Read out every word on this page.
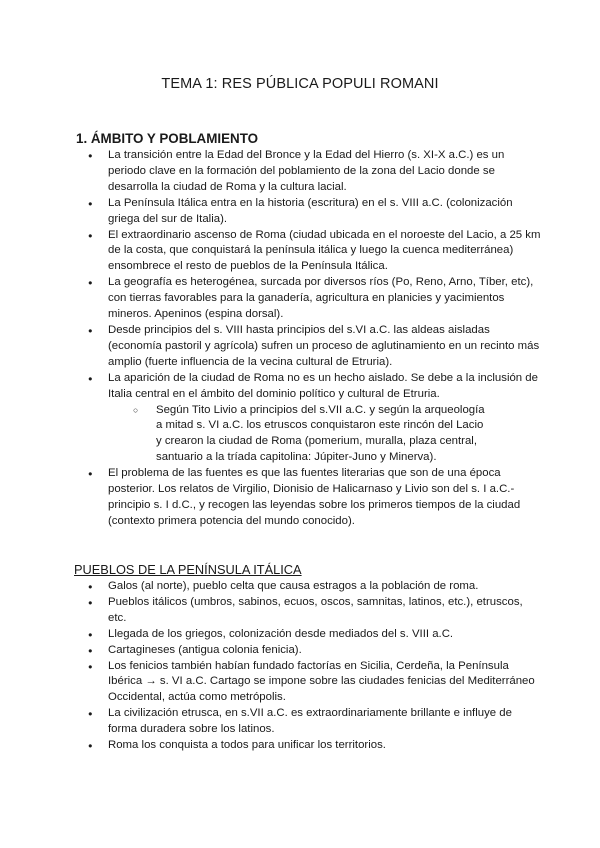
TEMA 1: RES PÚBLICA POPULI ROMANI
1. ÁMBITO Y POBLAMIENTO
● La transición entre la Edad del Bronce y la Edad del Hierro (s. XI-X a.C.) es un periodo clave en la formación del poblamiento de la zona del Lacio donde se desarrolla la ciudad de Roma y la cultura lacial.
● La Península Itálica entra en la historia (escritura) en el s. VIII a.C. (colonización griega del sur de Italia).
● El extraordinario ascenso de Roma (ciudad ubicada en el noroeste del Lacio, a 25 km de la costa, que conquistará la península itálica y luego la cuenca mediterránea) ensombrece el resto de pueblos de la Península Itálica.
● La geografía es heterogénea, surcada por diversos ríos (Po, Reno, Arno, Tíber, etc), con tierras favorables para la ganadería, agricultura en planicies y yacimientos mineros. Apeninos (espina dorsal).
● Desde principios del s. VIII hasta principios del s.VI a.C. las aldeas aisladas (economía pastoril y agrícola) sufren un proceso de aglutinamiento en un recinto más amplio (fuerte influencia de la vecina cultural de Etruria).
● La aparición de la ciudad de Roma no es un hecho aislado. Se debe a la inclusión de Italia central en el ámbito del dominio político y cultural de Etruria.
○ Según Tito Livio a principios del s.VII a.C. y según la arqueología a mitad s. VI a.C. los etruscos conquistaron este rincón del Lacio y crearon la ciudad de Roma (pomerium, muralla, plaza central, santuario a la tríada capitolina: Júpiter-Juno y Minerva).
● El problema de las fuentes es que las fuentes literarias que son de una época posterior. Los relatos de Virgilio, Dionisio de Halicarnaso y Livio son del s. I a.C.- principio s. I d.C., y recogen las leyendas sobre los primeros tiempos de la ciudad (contexto primera potencia del mundo conocido).
PUEBLOS DE LA PENÍNSULA ITÁLICA
● Galos (al norte), pueblo celta que causa estragos a la población de roma.
● Pueblos itálicos (umbros, sabinos, ecuos, oscos, samnitas, latinos, etc.), etruscos, etc.
● Llegada de los griegos, colonización desde mediados del s. VIII a.C.
● Cartagineses (antigua colonia fenicia).
● Los fenicios también habían fundado factorías en Sicilia, Cerdeña, la Península Ibérica → s. VI a.C. Cartago se impone sobre las ciudades fenicias del Mediterráneo Occidental, actúa como metrópolis.
● La civilización etrusca, en s.VII a.C. es extraordinariamente brillante e influye de forma duradera sobre los latinos.
● Roma los conquista a todos para unificar los territorios.
